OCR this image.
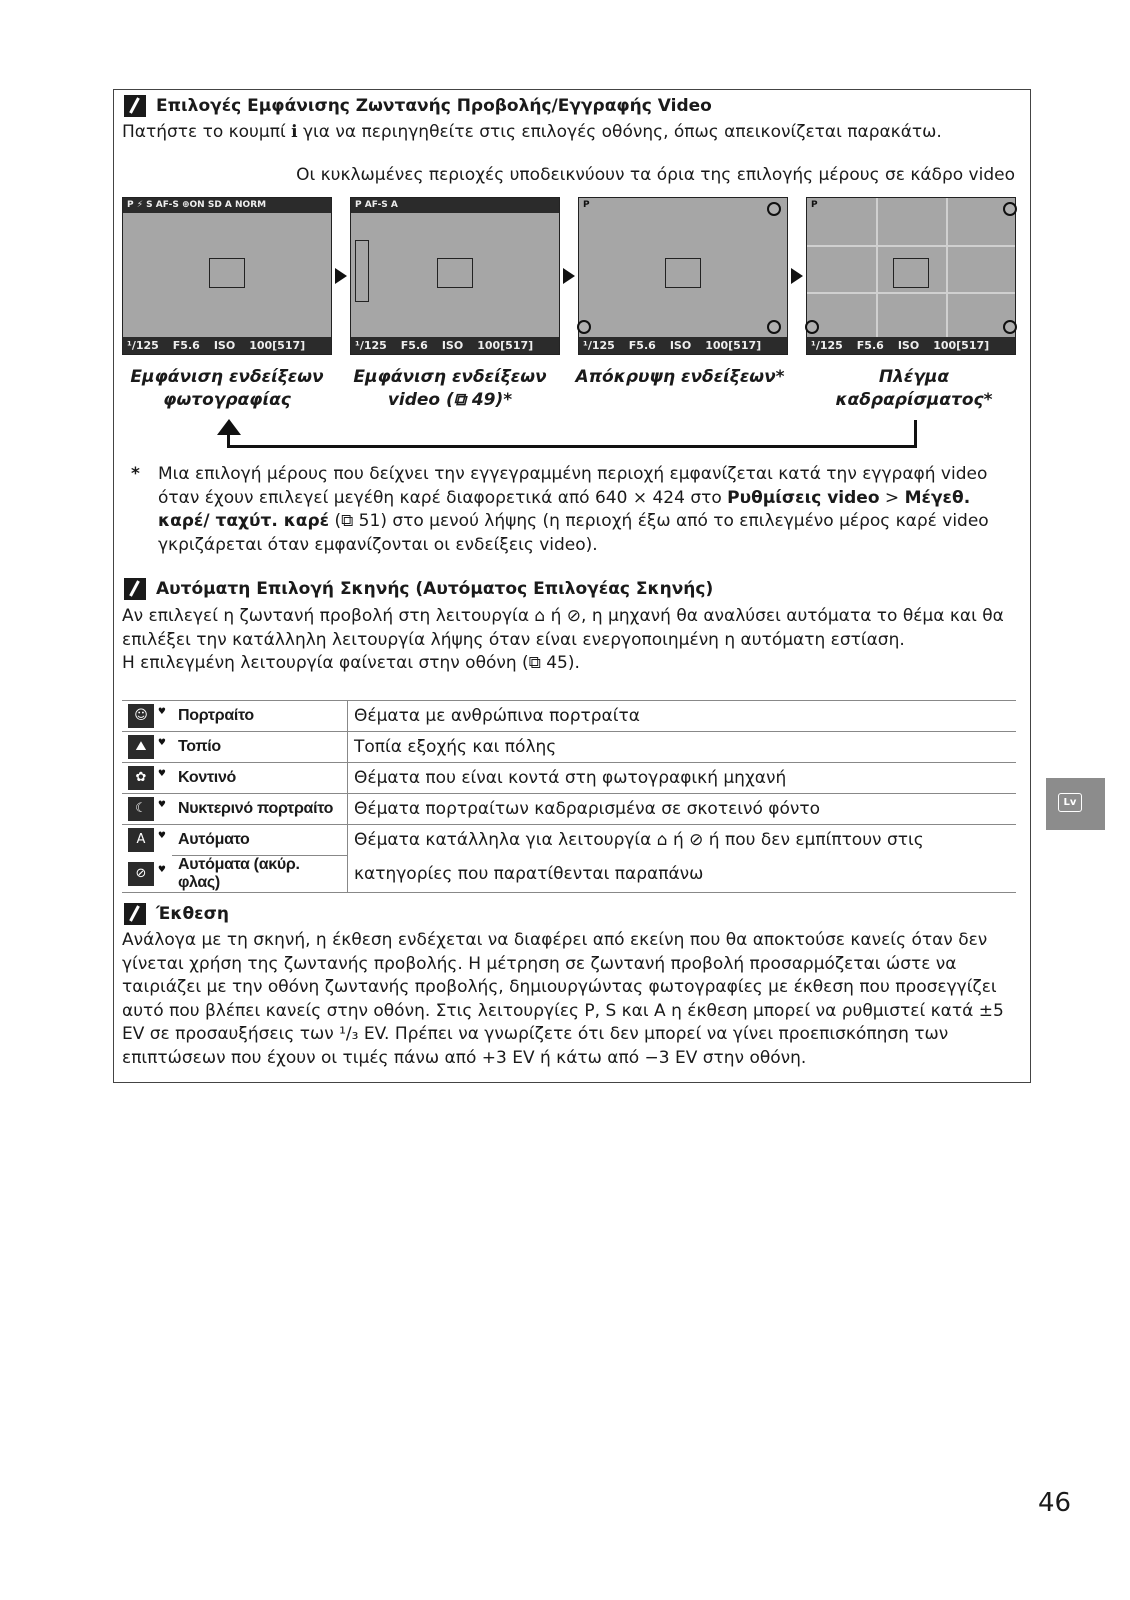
Επιλογές Εμφάνισης Ζωντανής Προβολής/Εγγραφής Video
Πατήστε το κουμπί ℹ για να περιηγηθείτε στις επιλογές οθόνης, όπως απεικονίζεται παρακάτω.
Οι κυκλωμένες περιοχές υποδεικνύουν τα όρια της επιλογής μέρους σε κάδρο video
P ⚡ S AF-S ⊕ON SD A NORM
¹/125 F5.6 ISO 100[517]
P AF-S A
¹/125 F5.6 ISO 100[517]
P
¹/125 F5.6 ISO 100[517]
P
¹/125 F5.6 ISO 100[517]
Εμφάνιση ενδείξεων φωτογραφίας
Εμφάνιση ενδείξεων video (⧉ 49)*
Απόκρυψη ενδείξεων*	Πλέγμα καδραρίσματος*
* Μια επιλογή μέρους που δείχνει την εγγεγραμμένη περιοχή εμφανίζεται κατά την εγγραφή video όταν έχουν επιλεγεί μεγέθη καρέ διαφορετικά από 640 × 424 στο Ρυθμίσεις video > Μέγεθ. καρέ/ ταχύτ. καρέ (⧉ 51) στο μενού λήψης (η περιοχή έξω από το επιλεγμένο μέρος καρέ video γκριζάρεται όταν εμφανίζονται οι ενδείξεις video).
Αυτόματη Επιλογή Σκηνής (Αυτόματος Επιλογέας Σκηνής)

Αν επιλεγεί η ζωντανή προβολή στη λειτουργία ⌂ ή ⊘, η μηχανή θα αναλύσει αυτόματα το θέμα και θα επιλέξει την κατάλληλη λειτουργία λήψης όταν είναι ενεργοποιημένη η αυτόματη εστίαση.

Η επιλεγμένη λειτουργία φαίνεται στην οθόνη (⧉ 45).

☺ ♥	Πορτραίτο	Θέματα με ανθρώπινα πορτραίτα
⛰ ♥	Τοπίο	Τοπία εξοχής και πόλης
✿ ♥	Κοντινό	Θέματα που είναι κοντά στη φωτογραφική μηχανή
☾ ♥	Νυκτερινό πορτραίτο	Θέματα πορτραίτων καδραρισμένα σε σκοτεινό φόντο
A ♥	Αυτόματο	Θέματα κατάλληλα για λειτουργία ⌂ ή ⊘ ή που δεν εμπίπτουν στις
⊘ ♥	Αυτόματα (ακύρ. φλας)	κατηγορίες που παρατίθενται παραπάνω
Έκθεση
Ανάλογα με τη σκηνή, η έκθεση ενδέχεται να διαφέρει από εκείνη που θα αποκτούσε κανείς όταν δεν γίνεται χρήση της ζωντανής προβολής. Η μέτρηση σε ζωντανή προβολή προσαρμόζεται ώστε να ταιριάζει με την οθόνη ζωντανής προβολής, δημιουργώντας φωτογραφίες με έκθεση που προσεγγίζει αυτό που βλέπει κανείς στην οθόνη. Στις λειτουργίες P, S και A η έκθεση μπορεί να ρυθμιστεί κατά ±5 EV σε προσαυξήσεις των ¹/₃ EV. Πρέπει να γνωρίζετε ότι δεν μπορεί να γίνει προεπισκόπηση των επιπτώσεων που έχουν οι τιμές πάνω από +3 EV ή κάτω από −3 EV στην οθόνη.
Lv
46
